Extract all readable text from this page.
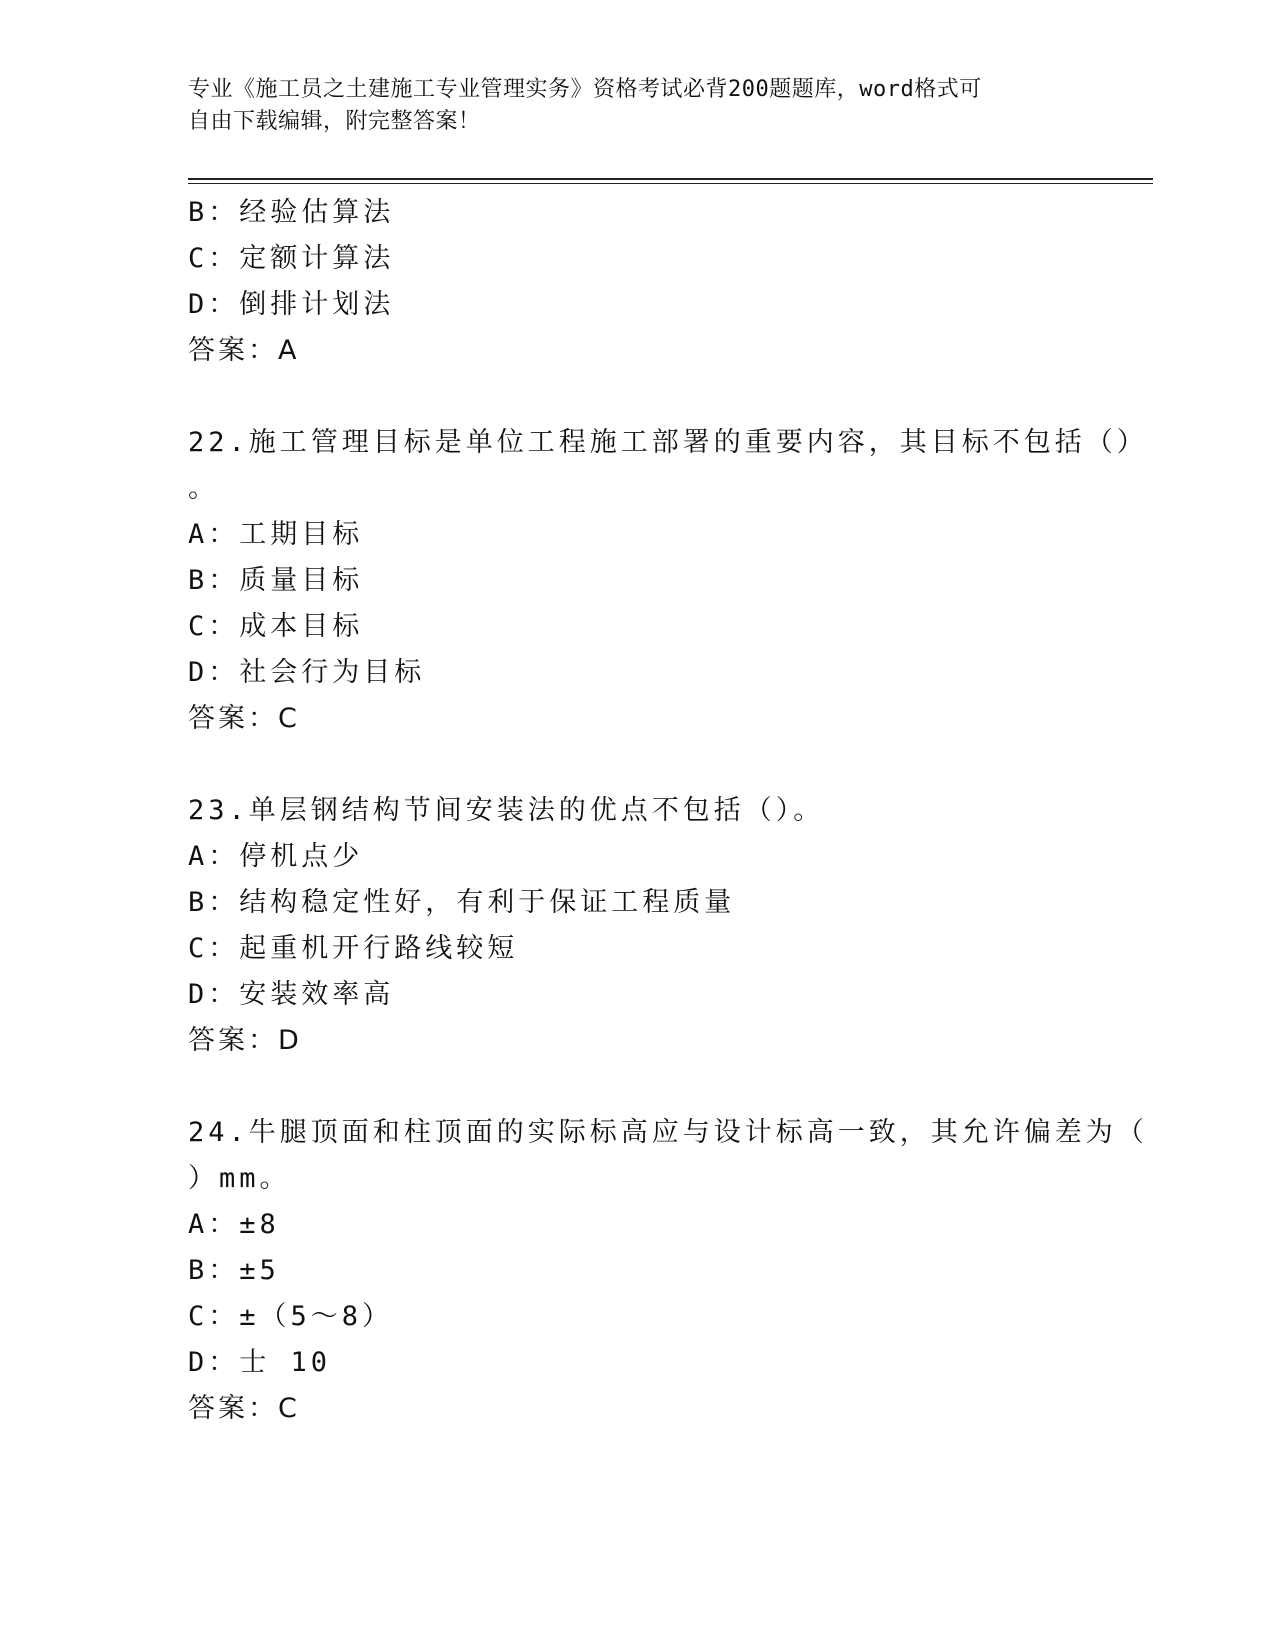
专业《施工员之土建施工专业管理实务》资格考试必背200题题库，word格式可
自由下载编辑，附完整答案！
B：经验估算法
C：定额计算法
D：倒排计划法
答案：A
22.施工管理目标是单位工程施工部署的重要内容，其目标不包括（）
。
A：工期目标
B：质量目标
C：成本目标
D：社会行为目标
答案：C
23.单层钢结构节间安装法的优点不包括（）。
A：停机点少
B：结构稳定性好，有利于保证工程质量
C：起重机开行路线较短
D：安装效率高
答案：D
24.牛腿顶面和柱顶面的实际标高应与设计标高一致，其允许偏差为（
）mm。
A：±8
B：±5
C：±（5～8）
D：士 10
答案：C
